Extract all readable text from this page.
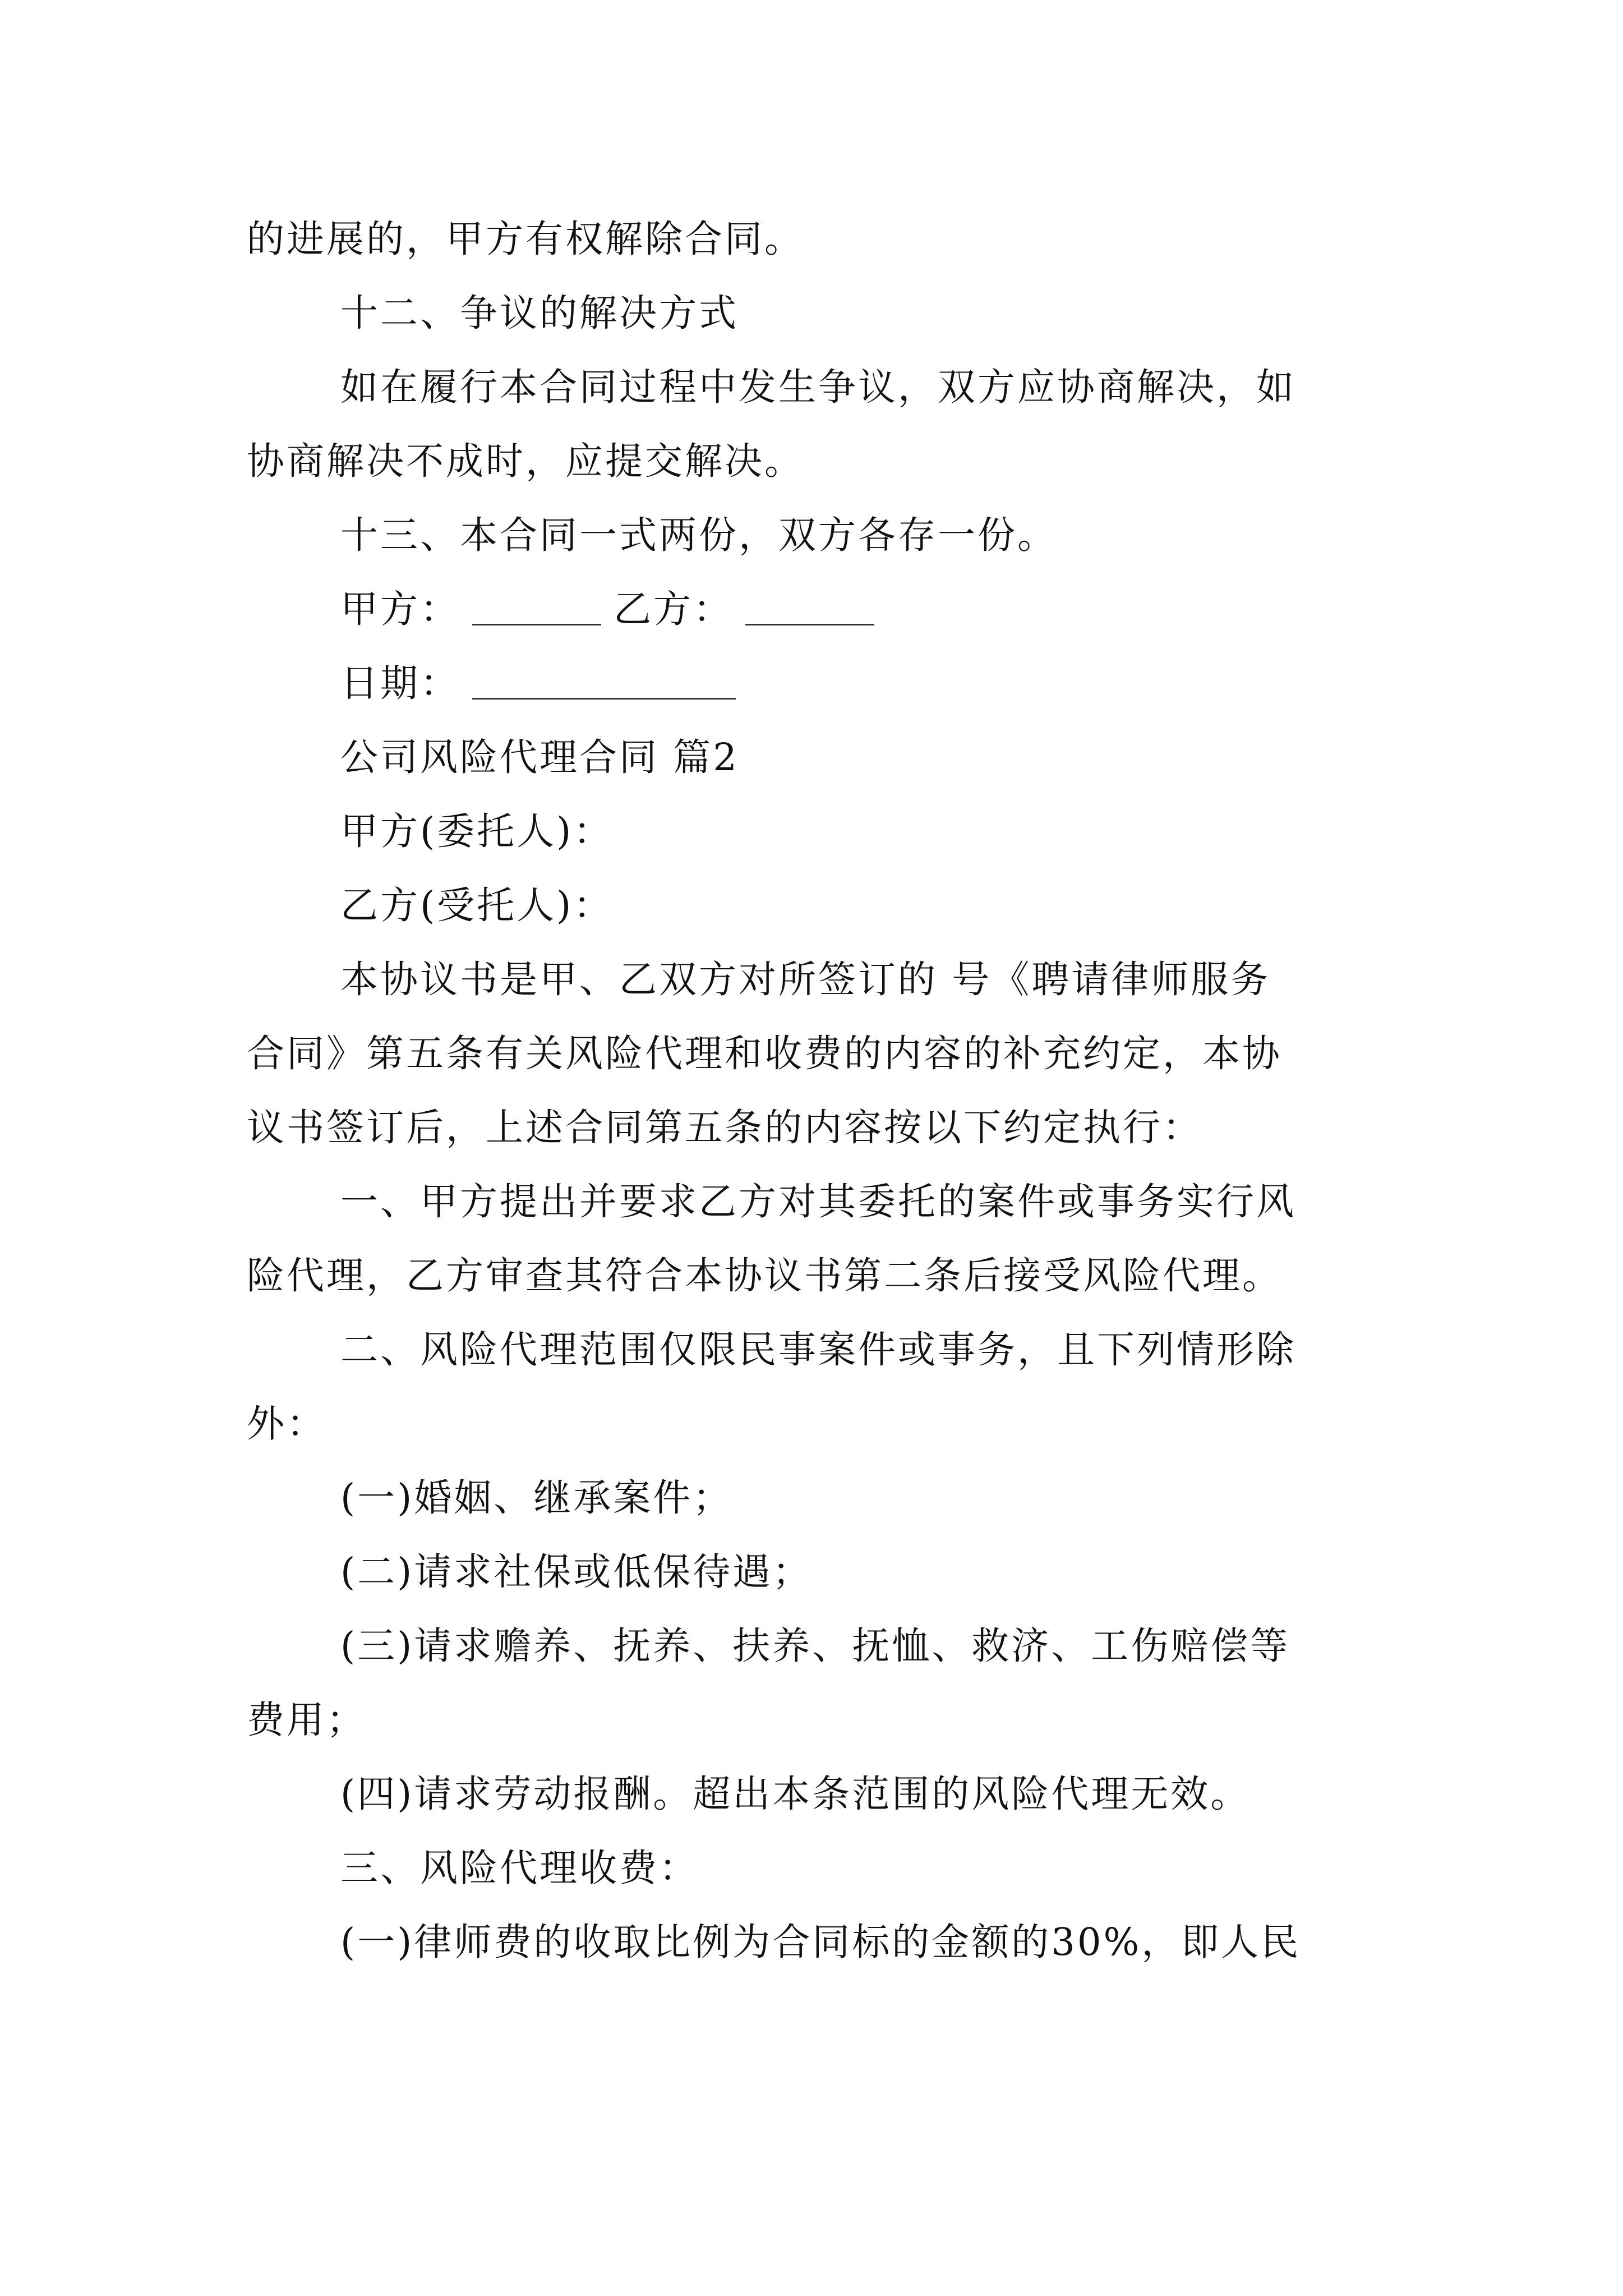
的进展的，甲方有权解除合同。
十二、争议的解决方式
如在履行本合同过程中发生争议，双方应协商解决，如
协商解决不成时，应提交解决。
十三、本合同一式两份，双方各存一份。
甲方：	乙方：
日期：
公司风险代理合同 篇2
甲方(委托人)：
乙方(受托人)：
本协议书是甲、乙双方对所签订的 号《聘请律师服务
合同》第五条有关风险代理和收费的内容的补充约定，本协
议书签订后，上述合同第五条的内容按以下约定执行：
一、甲方提出并要求乙方对其委托的案件或事务实行风
险代理，乙方审查其符合本协议书第二条后接受风险代理。
二、风险代理范围仅限民事案件或事务，且下列情形除
外：
(一)婚姻、继承案件；
(二)请求社保或低保待遇；
(三)请求赡养、抚养、扶养、抚恤、救济、工伤赔偿等
费用；
(四)请求劳动报酬。超出本条范围的风险代理无效。
三、风险代理收费：
(一)律师费的收取比例为合同标的金额的30%，即人民
